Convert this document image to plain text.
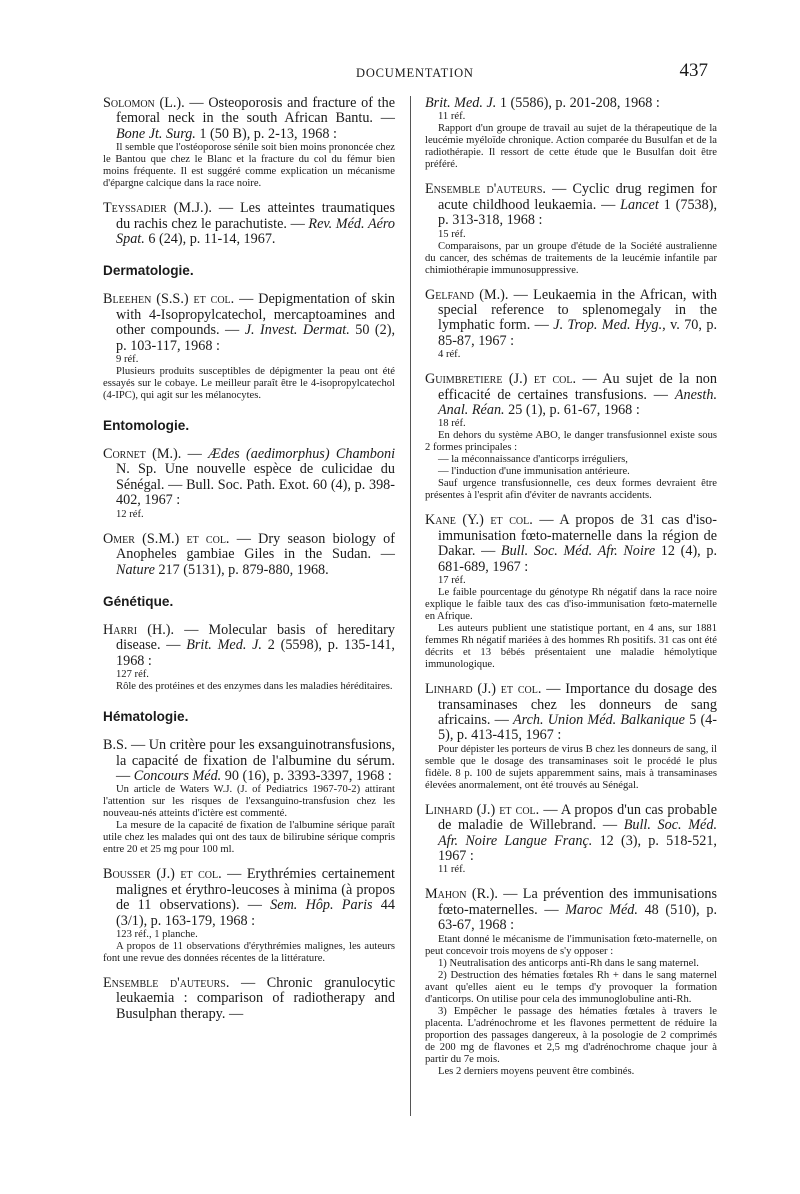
DOCUMENTATION	437

Solomon (L.). — Osteoporosis and fracture of the femoral neck in the south African Bantu. — Bone Jt. Surg. 1 (50 B), p. 2-13, 1968 :

Il semble que l'ostéoporose sénile soit bien moins prononcée chez le Bantou que chez le Blanc et la fracture du col du fémur bien moins fréquente. Il est suggéré comme explication un mécanisme d'épargne calcique dans la race noire.

Teyssadier (M.J.). — Les atteintes traumatiques du rachis chez le parachutiste. — Rev. Méd. Aéro Spat. 6 (24), p. 11-14, 1967.

Dermatologie.

Bleehen (S.S.) et col. — Depigmentation of skin with 4-Isopropylcatechol, mercaptoamines and other compounds. — J. Invest. Dermat. 50 (2), p. 103-117, 1968 :

9 réf.

Plusieurs produits susceptibles de dépigmenter la peau ont été essayés sur le cobaye. Le meilleur paraît être le 4-isopropylcatechol (4-IPC), qui agit sur les mélanocytes.

Entomologie.

Cornet (M.). — Ædes (aedimorphus) Chamboni N. Sp. Une nouvelle espèce de culicidae du Sénégal. — Bull. Soc. Path. Exot. 60 (4), p. 398-402, 1967 :

12 réf.

Omer (S.M.) et col. — Dry season biology of Anopheles gambiae Giles in the Sudan. — Nature 217 (5131), p. 879-880, 1968.

Génétique.

Harri (H.). — Molecular basis of hereditary disease. — Brit. Med. J. 2 (5598), p. 135-141, 1968 :

127 réf.

Rôle des protéines et des enzymes dans les maladies héréditaires.

Hématologie.

B.S. — Un critère pour les exsanguinotransfusions, la capacité de fixation de l'albumine du sérum. — Concours Méd. 90 (16), p. 3393-3397, 1968 :

Un article de Waters W.J. (J. of Pediatrics 1967-70-2) attirant l'attention sur les risques de l'exsanguino-transfusion chez les nouveau-nés atteints d'ictère est commenté.

La mesure de la capacité de fixation de l'albumine sérique paraît utile chez les malades qui ont des taux de bilirubine sérique compris entre 20 et 25 mg pour 100 ml.

Bousser (J.) et col. — Erythrémies certainement malignes et érythro-leucoses à minima (à propos de 11 observations). — Sem. Hôp. Paris 44 (3/1), p. 163-179, 1968 :

123 réf., 1 planche.

A propos de 11 observations d'érythrémies malignes, les auteurs font une revue des données récentes de la littérature.

Ensemble d'auteurs. — Chronic granulocytic leukaemia : comparison of radiotherapy and Busulphan therapy. —

Brit. Med. J. 1 (5586), p. 201-208, 1968 :

11 réf.

Rapport d'un groupe de travail au sujet de la thérapeutique de la leucémie myéloïde chronique. Action comparée du Busulfan et de la radiothérapie. Il ressort de cette étude que le Busulfan doit être préféré.

Ensemble d'auteurs. — Cyclic drug regimen for acute childhood leukaemia. — Lancet 1 (7538), p. 313-318, 1968 :

15 réf.

Comparaisons, par un groupe d'étude de la Société australienne du cancer, des schémas de traitements de la leucémie infantile par chimiothérapie immunosuppressive.

Gelfand (M.). — Leukaemia in the African, with special reference to splenomegaly in the lymphatic form. — J. Trop. Med. Hyg., v. 70, p. 85-87, 1967 :

4 réf.

Guimbretiere (J.) et col. — Au sujet de la non efficacité de certaines transfusions. — Anesth. Anal. Réan. 25 (1), p. 61-67, 1968 :

18 réf.

En dehors du système ABO, le danger transfusionnel existe sous 2 formes principales :

— la méconnaissance d'anticorps irréguliers,

— l'induction d'une immunisation antérieure.

Sauf urgence transfusionnelle, ces deux formes devraient être présentes à l'esprit afin d'éviter de navrants accidents.

Kane (Y.) et col. — A propos de 31 cas d'iso-immunisation fœto-maternelle dans la région de Dakar. — Bull. Soc. Méd. Afr. Noire 12 (4), p. 681-689, 1967 :

17 réf.

Le faible pourcentage du génotype Rh négatif dans la race noire explique le faible taux des cas d'iso-immunisation fœto-maternelle en Afrique.

Les auteurs publient une statistique portant, en 4 ans, sur 1881 femmes Rh négatif mariées à des hommes Rh positifs. 31 cas ont été décrits et 13 bébés présentaient une maladie hémolytique immunologique.

Linhard (J.) et col. — Importance du dosage des transaminases chez les donneurs de sang africains. — Arch. Union Méd. Balkanique 5 (4-5), p. 413-415, 1967 :

Pour dépister les porteurs de virus B chez les donneurs de sang, il semble que le dosage des transaminases soit le procédé le plus fidèle. 8 p. 100 de sujets apparemment sains, mais à transaminases élevées anormalement, ont été trouvés au Sénégal.

Linhard (J.) et col. — A propos d'un cas probable de maladie de Willebrand. — Bull. Soc. Méd. Afr. Noire Langue Franç. 12 (3), p. 518-521, 1967 :

11 réf.

Mahon (R.). — La prévention des immunisations fœto-maternelles. — Maroc Méd. 48 (510), p. 63-67, 1968 :

Etant donné le mécanisme de l'immunisation fœto-maternelle, on peut concevoir trois moyens de s'y opposer :

1) Neutralisation des anticorps anti-Rh dans le sang maternel.

2) Destruction des hématies fœtales Rh + dans le sang maternel avant qu'elles aient eu le temps d'y provoquer la formation d'anticorps. On utilise pour cela des immunoglobuline anti-Rh.

3) Empêcher le passage des hématies fœtales à travers le placenta. L'adrénochrome et les flavones permettent de réduire la proportion des passages dangereux, à la posologie de 2 comprimés de 200 mg de flavones et 2,5 mg d'adrénochrome chaque jour à partir du 7e mois.

Les 2 derniers moyens peuvent être combinés.
